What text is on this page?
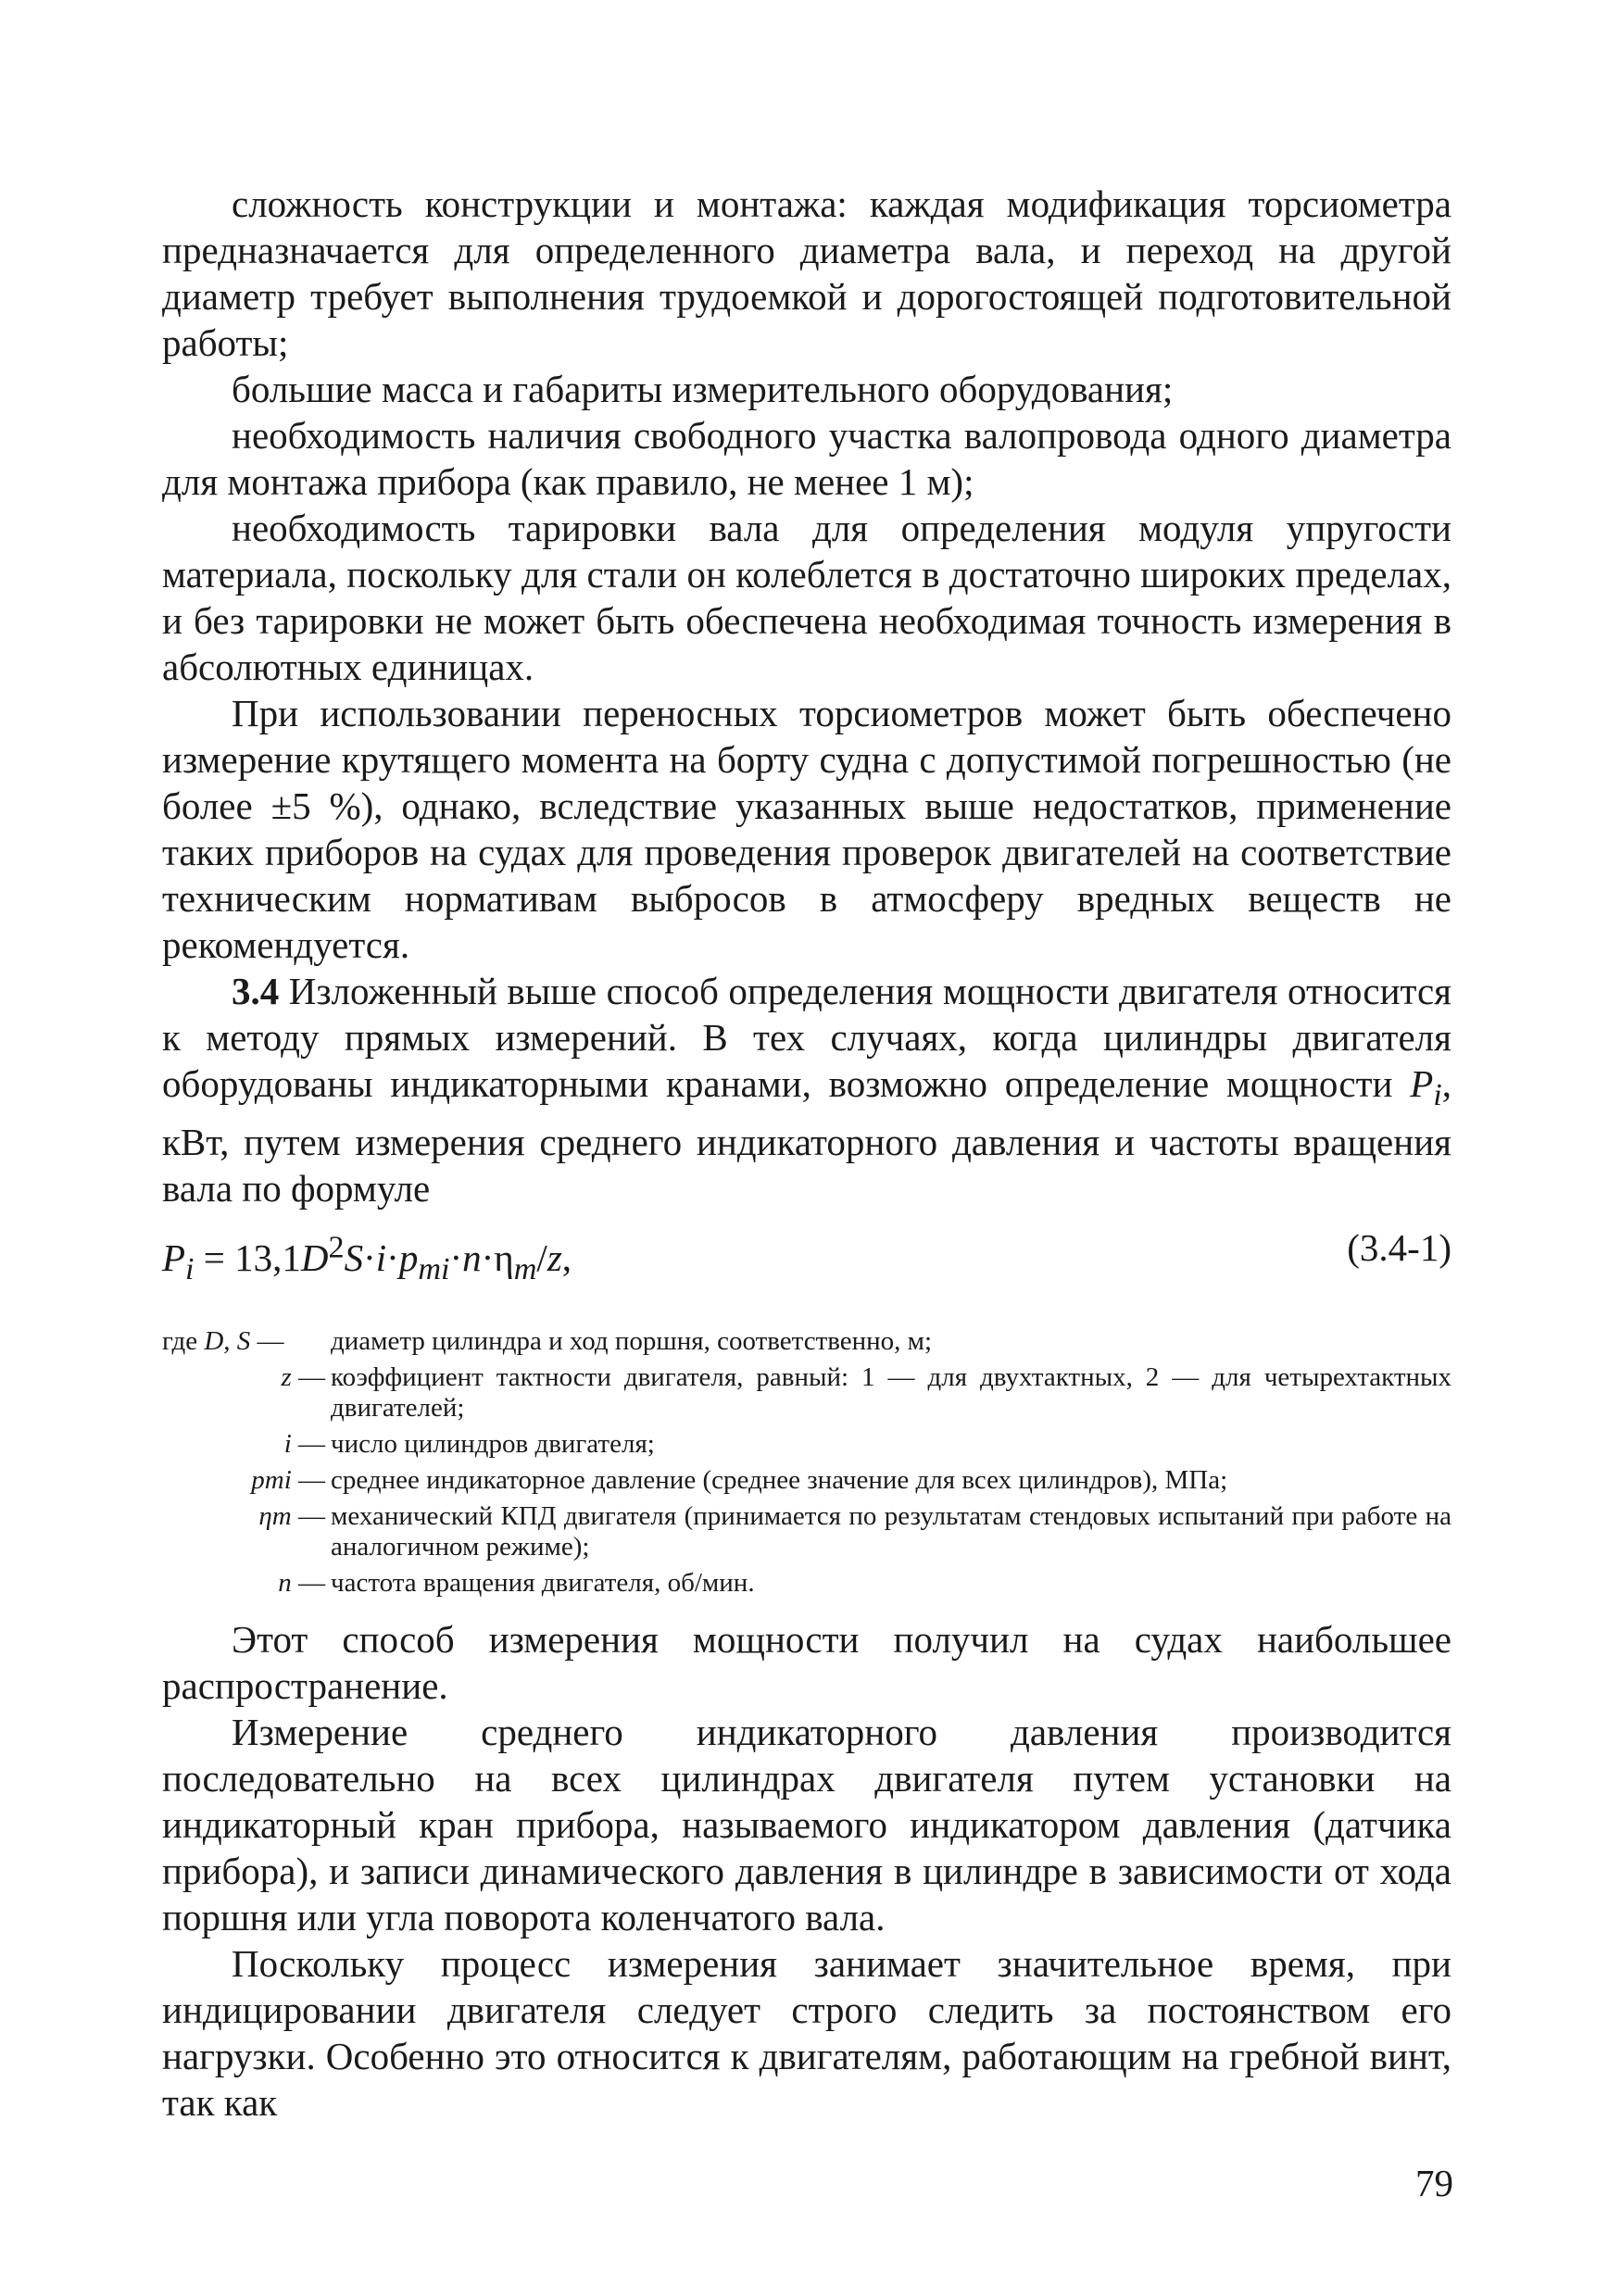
сложность конструкции и монтажа: каждая модификация торсиометра предназначается для определенного диаметра вала, и переход на другой диаметр требует выполнения трудоемкой и дорогостоящей подготовительной работы;

большие масса и габариты измерительного оборудования;

необходимость наличия свободного участка валопровода одного диаметра для монтажа прибора (как правило, не менее 1 м);

необходимость тарировки вала для определения модуля упругости материала, поскольку для стали он колеблется в достаточно широких пределах, и без тарировки не может быть обеспечена необходимая точность измерения в абсолютных единицах.

При использовании переносных торсиометров может быть обеспечено измерение крутящего момента на борту судна с допустимой погрешностью (не более ±5 %), однако, вследствие указанных выше недостатков, применение таких приборов на судах для проведения проверок двигателей на соответствие техническим нормативам выбросов в атмосферу вредных веществ не рекомендуется.

3.4 Изложенный выше способ определения мощности двигателя относится к методу прямых измерений. В тех случаях, когда цилиндры двигателя оборудованы индикаторными кранами, возможно определение мощности $P_i$, кВт, путем измерения среднего индикаторного давления и частоты вращения вала по формуле

$P_i = 13,1D^2S\cdot i\cdot p_{mi}\cdot n\cdot\eta_m/z$,	(3.4-1)
где D, S — диаметр цилиндра и ход поршня, соответственно, м;
z — коэффициент тактности двигателя, равный: 1 — для двухтактных, 2 — для четырехтактных двигателей;
i — число цилиндров двигателя;
pmi — среднее индикаторное давление (среднее значение для всех цилиндров), МПа;
ηm — механический КПД двигателя (принимается по результатам стендовых испытаний при работе на аналогичном режиме);
n — частота вращения двигателя, об/мин.

Этот способ измерения мощности получил на судах наибольшее распространение.

Измерение среднего индикаторного давления производится последовательно на всех цилиндрах двигателя путем установки на индикаторный кран прибора, называемого индикатором давления (датчика прибора), и записи динамического давления в цилиндре в зависимости от хода поршня или угла поворота коленчатого вала.

Поскольку процесс измерения занимает значительное время, при индицировании двигателя следует строго следить за постоянством его нагрузки. Особенно это относится к двигателям, работающим на гребной винт, так как

79
